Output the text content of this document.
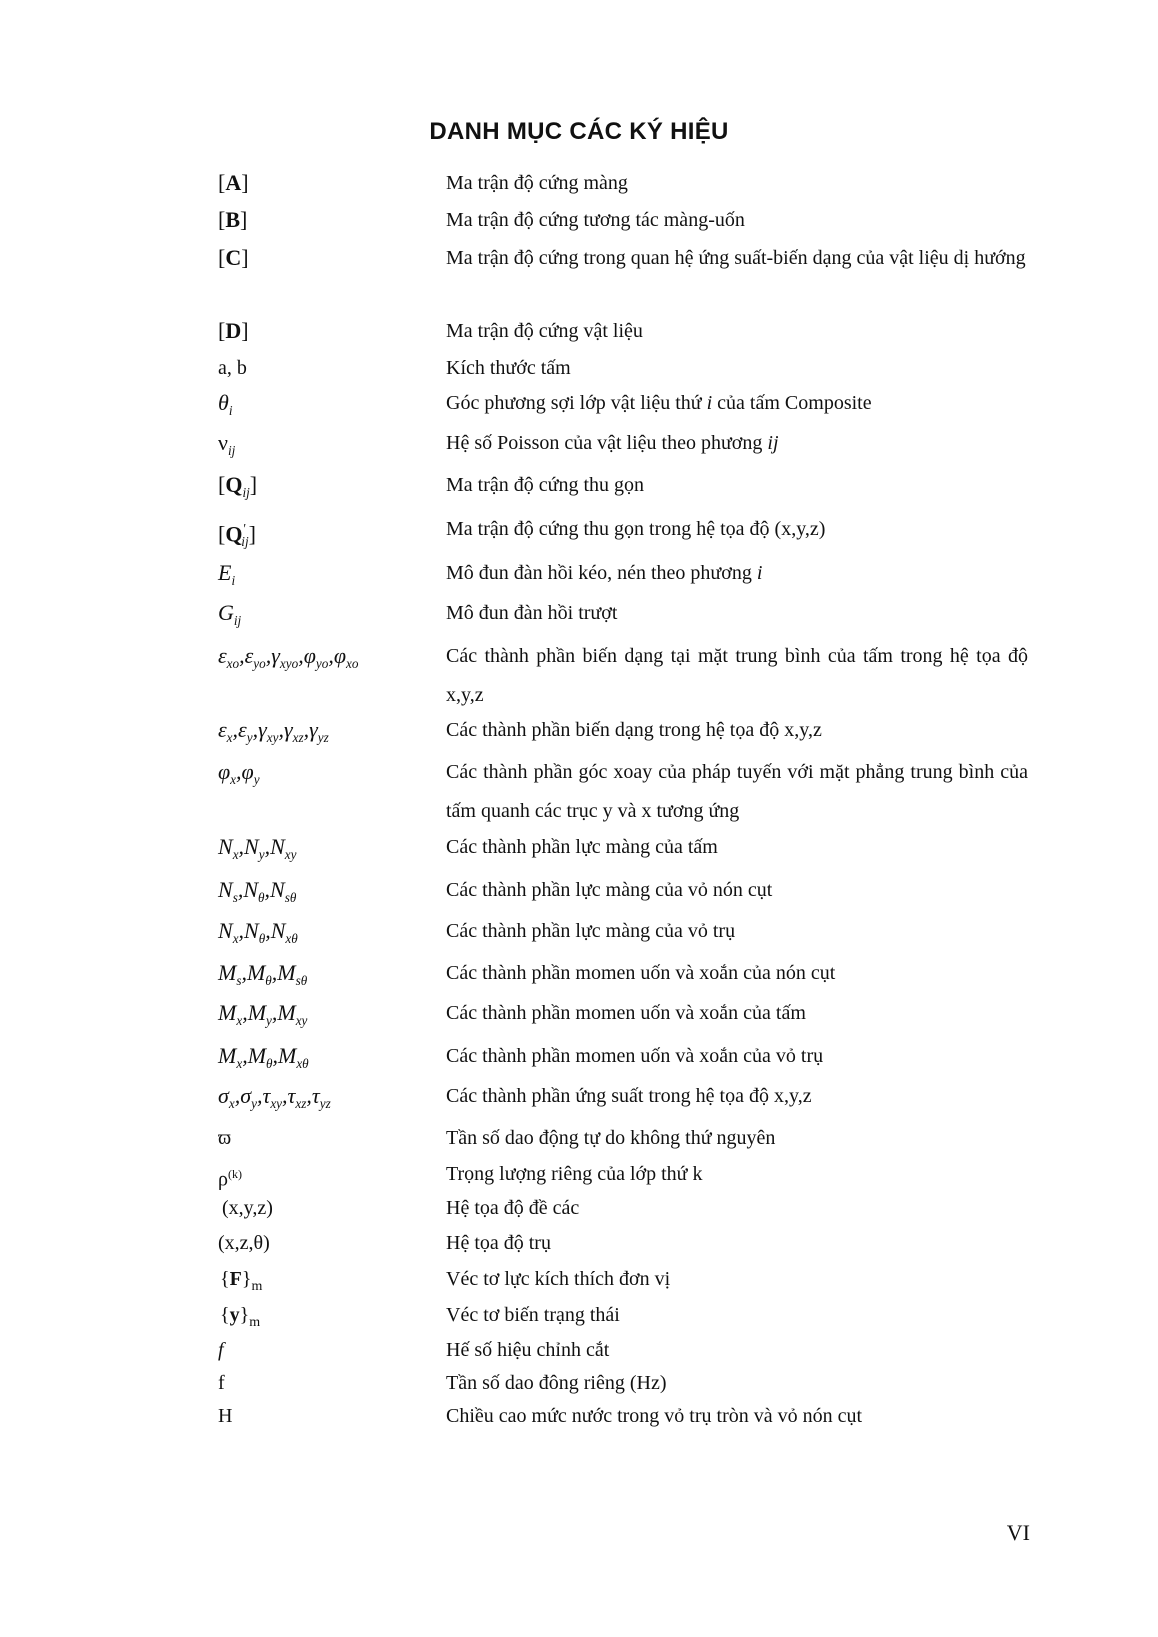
DANH MỤC CÁC KÝ HIỆU
[A]	Ma trận độ cứng màng
[B]	Ma trận độ cứng tương tác màng-uốn
[C]	Ma trận độ cứng trong quan hệ ứng suất-biến dạng của vật liệu dị hướng
[D]	Ma trận độ cứng vật liệu
a, b	Kích thước tấm
$\theta_i$	Góc phương sợi lớp vật liệu thứ i của tấm Composite
$\nu_{ij}$	Hệ số Poisson của vật liệu theo phương ij
$[Q_{ij}]$	Ma trận độ cứng thu gọn
$[Q'_{ij}]$	Ma trận độ cứng thu gọn trong hệ tọa độ (x,y,z)
$E_i$	Mô đun đàn hồi kéo, nén theo phương i
$G_{ij}$	Mô đun đàn hồi trượt
$\varepsilon_{xo},\varepsilon_{yo},\gamma_{xyo},\varphi_{yo},\varphi_{xo}$	Các thành phần biến dạng tại mặt trung bình của tấm trong hệ tọa độ x,y,z
$\varepsilon_x,\varepsilon_y,\gamma_{xy},\gamma_{xz},\gamma_{yz}$	Các thành phần biến dạng trong hệ tọa độ x,y,z
$\varphi_x,\varphi_y$	Các thành phần góc xoay của pháp tuyến với mặt phẳng trung bình của tấm quanh các trục y và x tương ứng
$N_x,N_y,N_{xy}$	Các thành phần lực màng của tấm
$N_s,N_\theta,N_{s\theta}$	Các thành phần lực màng của vỏ nón cụt
$N_x,N_\theta,N_{x\theta}$	Các thành phần lực màng của vỏ trụ
$M_s,M_\theta,M_{s\theta}$	Các thành phần momen uốn và xoắn của nón cụt
$M_x,M_y,M_{xy}$	Các thành phần momen uốn và xoắn của tấm
$M_x,M_\theta,M_{x\theta}$	Các thành phần momen uốn và xoắn của vỏ trụ
$\sigma_x,\sigma_y,\tau_{xy},\tau_{xz},\tau_{yz}$	Các thành phần ứng suất trong hệ tọa độ x,y,z
ϖ	Tần số dao động tự do không thứ nguyên
$\rho^{(k)}$	Trọng lượng riêng của lớp thứ k
(x,y,z)	Hệ tọa độ đề các
(x,z,θ)	Hệ tọa độ trụ
$\{F\}_m$	Véc tơ lực kích thích đơn vị
$\{y\}_m$	Véc tơ biến trạng thái
f	Hế số hiệu chỉnh cắt
f	Tần số dao đông riêng (Hz)
H	Chiều cao mức nước trong vỏ trụ tròn và vỏ nón cụt
VI
